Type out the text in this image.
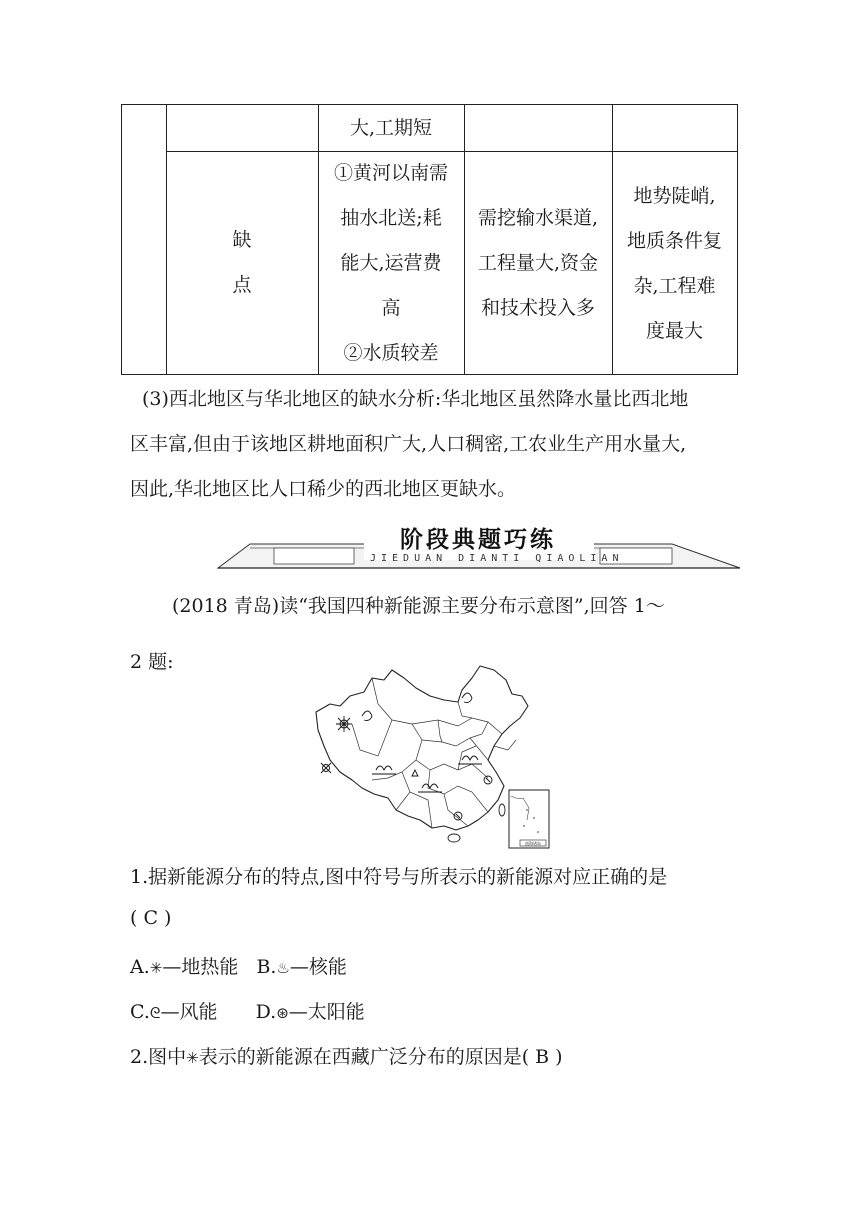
大,工期短
缺
点
①黄河以南需
抽水北送;耗
能大,运营费
高
②水质较差
需挖输水渠道,
工程量大,资金
和技术投入多
地势陡峭,
地质条件复
杂,工程难
度最大
(3)西北地区与华北地区的缺水分析:华北地区虽然降水量比西北地
区丰富,但由于该地区耕地面积广大,人口稠密,工农业生产用水量大,
因此,华北地区比人口稀少的西北地区更缺水。
阶段典题巧练
JIEDUAN DIANTI QIAOLIAN
(2018 青岛)读“我国四种新能源主要分布示意图”,回答 1～
2 题:
南海诸岛
1.据新能源分布的特点,图中符号与所表示的新能源对应正确的是
( C )
A.✳—地热能 B.♨—核能
C.ᘓ—风能 D.⊛—太阳能
2.图中✳表示的新能源在西藏广泛分布的原因是( B )
